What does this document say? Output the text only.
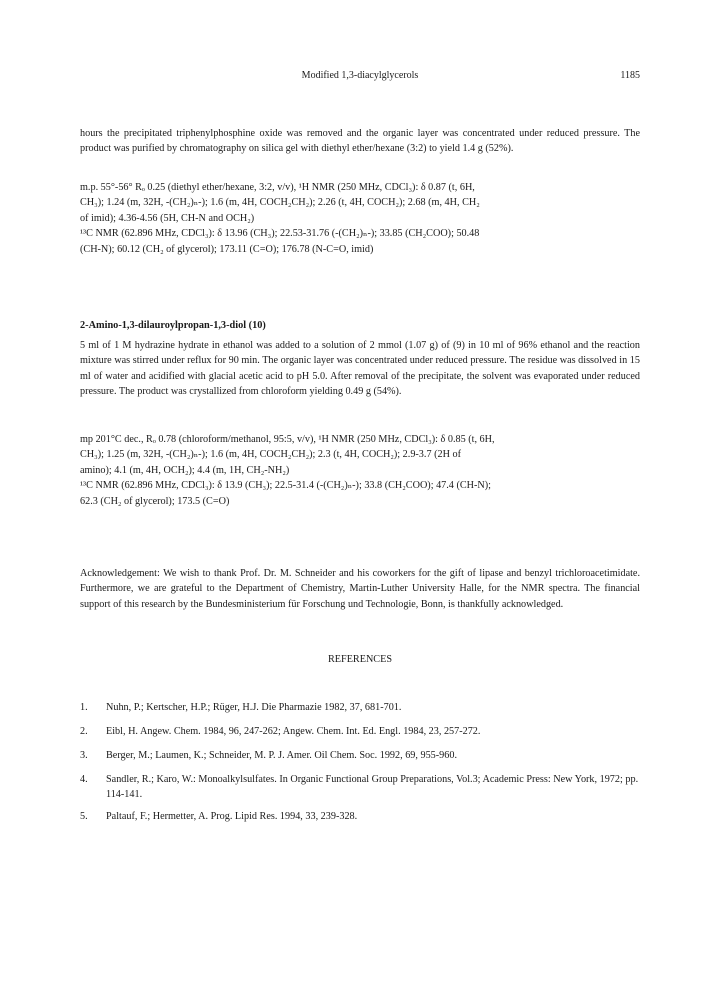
Modified 1,3-diacylglycerols	1185

hours the precipitated triphenylphosphine oxide was removed and the organic layer was concentrated under reduced pressure. The product was purified by chromatography on silica gel with diethyl ether/hexane (3:2) to yield 1.4 g (52%).

m.p. 55°-56° Rₒ 0.25 (diethyl ether/hexane, 3:2, v/v), ¹H NMR (250 MHz, CDCl₃): δ 0.87 (t, 6H,
CH₃); 1.24 (m, 32H, -(CH₂)ₙ-); 1.6 (m, 4H, COCH₂CH₂); 2.26 (t, 4H, COCH₂); 2.68 (m, 4H, CH₂
of imid); 4.36-4.56 (5H, CH-N and OCH₂)
¹³C NMR (62.896 MHz, CDCl₃): δ 13.96 (CH₃); 22.53-31.76 (-(CH₂)ₙ-); 33.85 (CH₂COO); 50.48
(CH-N); 60.12 (CH₂ of glycerol); 173.11 (C=O); 176.78 (N-C=O, imid)
2-Amino-1,3-dilauroylpropan-1,3-diol (10)

5 ml of 1 M hydrazine hydrate in ethanol was added to a solution of 2 mmol (1.07 g) of (9) in 10 ml of 96% ethanol and the reaction mixture was stirred under reflux for 90 min. The organic layer was concentrated under reduced pressure. The residue was dissolved in 15 ml of water and acidified with glacial acetic acid to pH 5.0. After removal of the precipitate, the solvent was evaporated under reduced pressure. The product was crystallized from chloroform yielding 0.49 g (54%).

mp 201°C dec., Rₒ 0.78 (chloroform/methanol, 95:5, v/v), ¹H NMR (250 MHz, CDCl₃): δ 0.85 (t, 6H,
CH₃); 1.25 (m, 32H, -(CH₂)ₙ-); 1.6 (m, 4H, COCH₂CH₂); 2.3 (t, 4H, COCH₂); 2.9-3.7 (2H of
amino); 4.1 (m, 4H, OCH₂); 4.4 (m, 1H, CH₂-NH₂)
¹³C NMR (62.896 MHz, CDCl₃): δ 13.9 (CH₃); 22.5-31.4 (-(CH₂)ₙ-); 33.8 (CH₂COO); 47.4 (CH-N);
62.3 (CH₂ of glycerol); 173.5 (C=O)

Acknowledgement: We wish to thank Prof. Dr. M. Schneider and his coworkers for the gift of lipase and benzyl trichloroacetimidate. Furthermore, we are grateful to the Department of Chemistry, Martin-Luther University Halle, for the NMR spectra. The financial support of this research by the Bundesministerium für Forschung und Technologie, Bonn, is thankfully acknowledged.

REFERENCES
1. Nuhn, P.; Kertscher, H.P.; Rüger, H.J. Die Pharmazie 1982, 37, 681-701.
2. Eibl, H. Angew. Chem. 1984, 96, 247-262; Angew. Chem. Int. Ed. Engl. 1984, 23, 257-272.
3. Berger, M.; Laumen, K.; Schneider, M. P. J. Amer. Oil Chem. Soc. 1992, 69, 955-960.
4. Sandler, R.; Karo, W.: Monoalkylsulfates. In Organic Functional Group Preparations, Vol.3; Academic Press: New York, 1972; pp. 114-141.
5. Paltauf, F.; Hermetter, A. Prog. Lipid Res. 1994, 33, 239-328.
